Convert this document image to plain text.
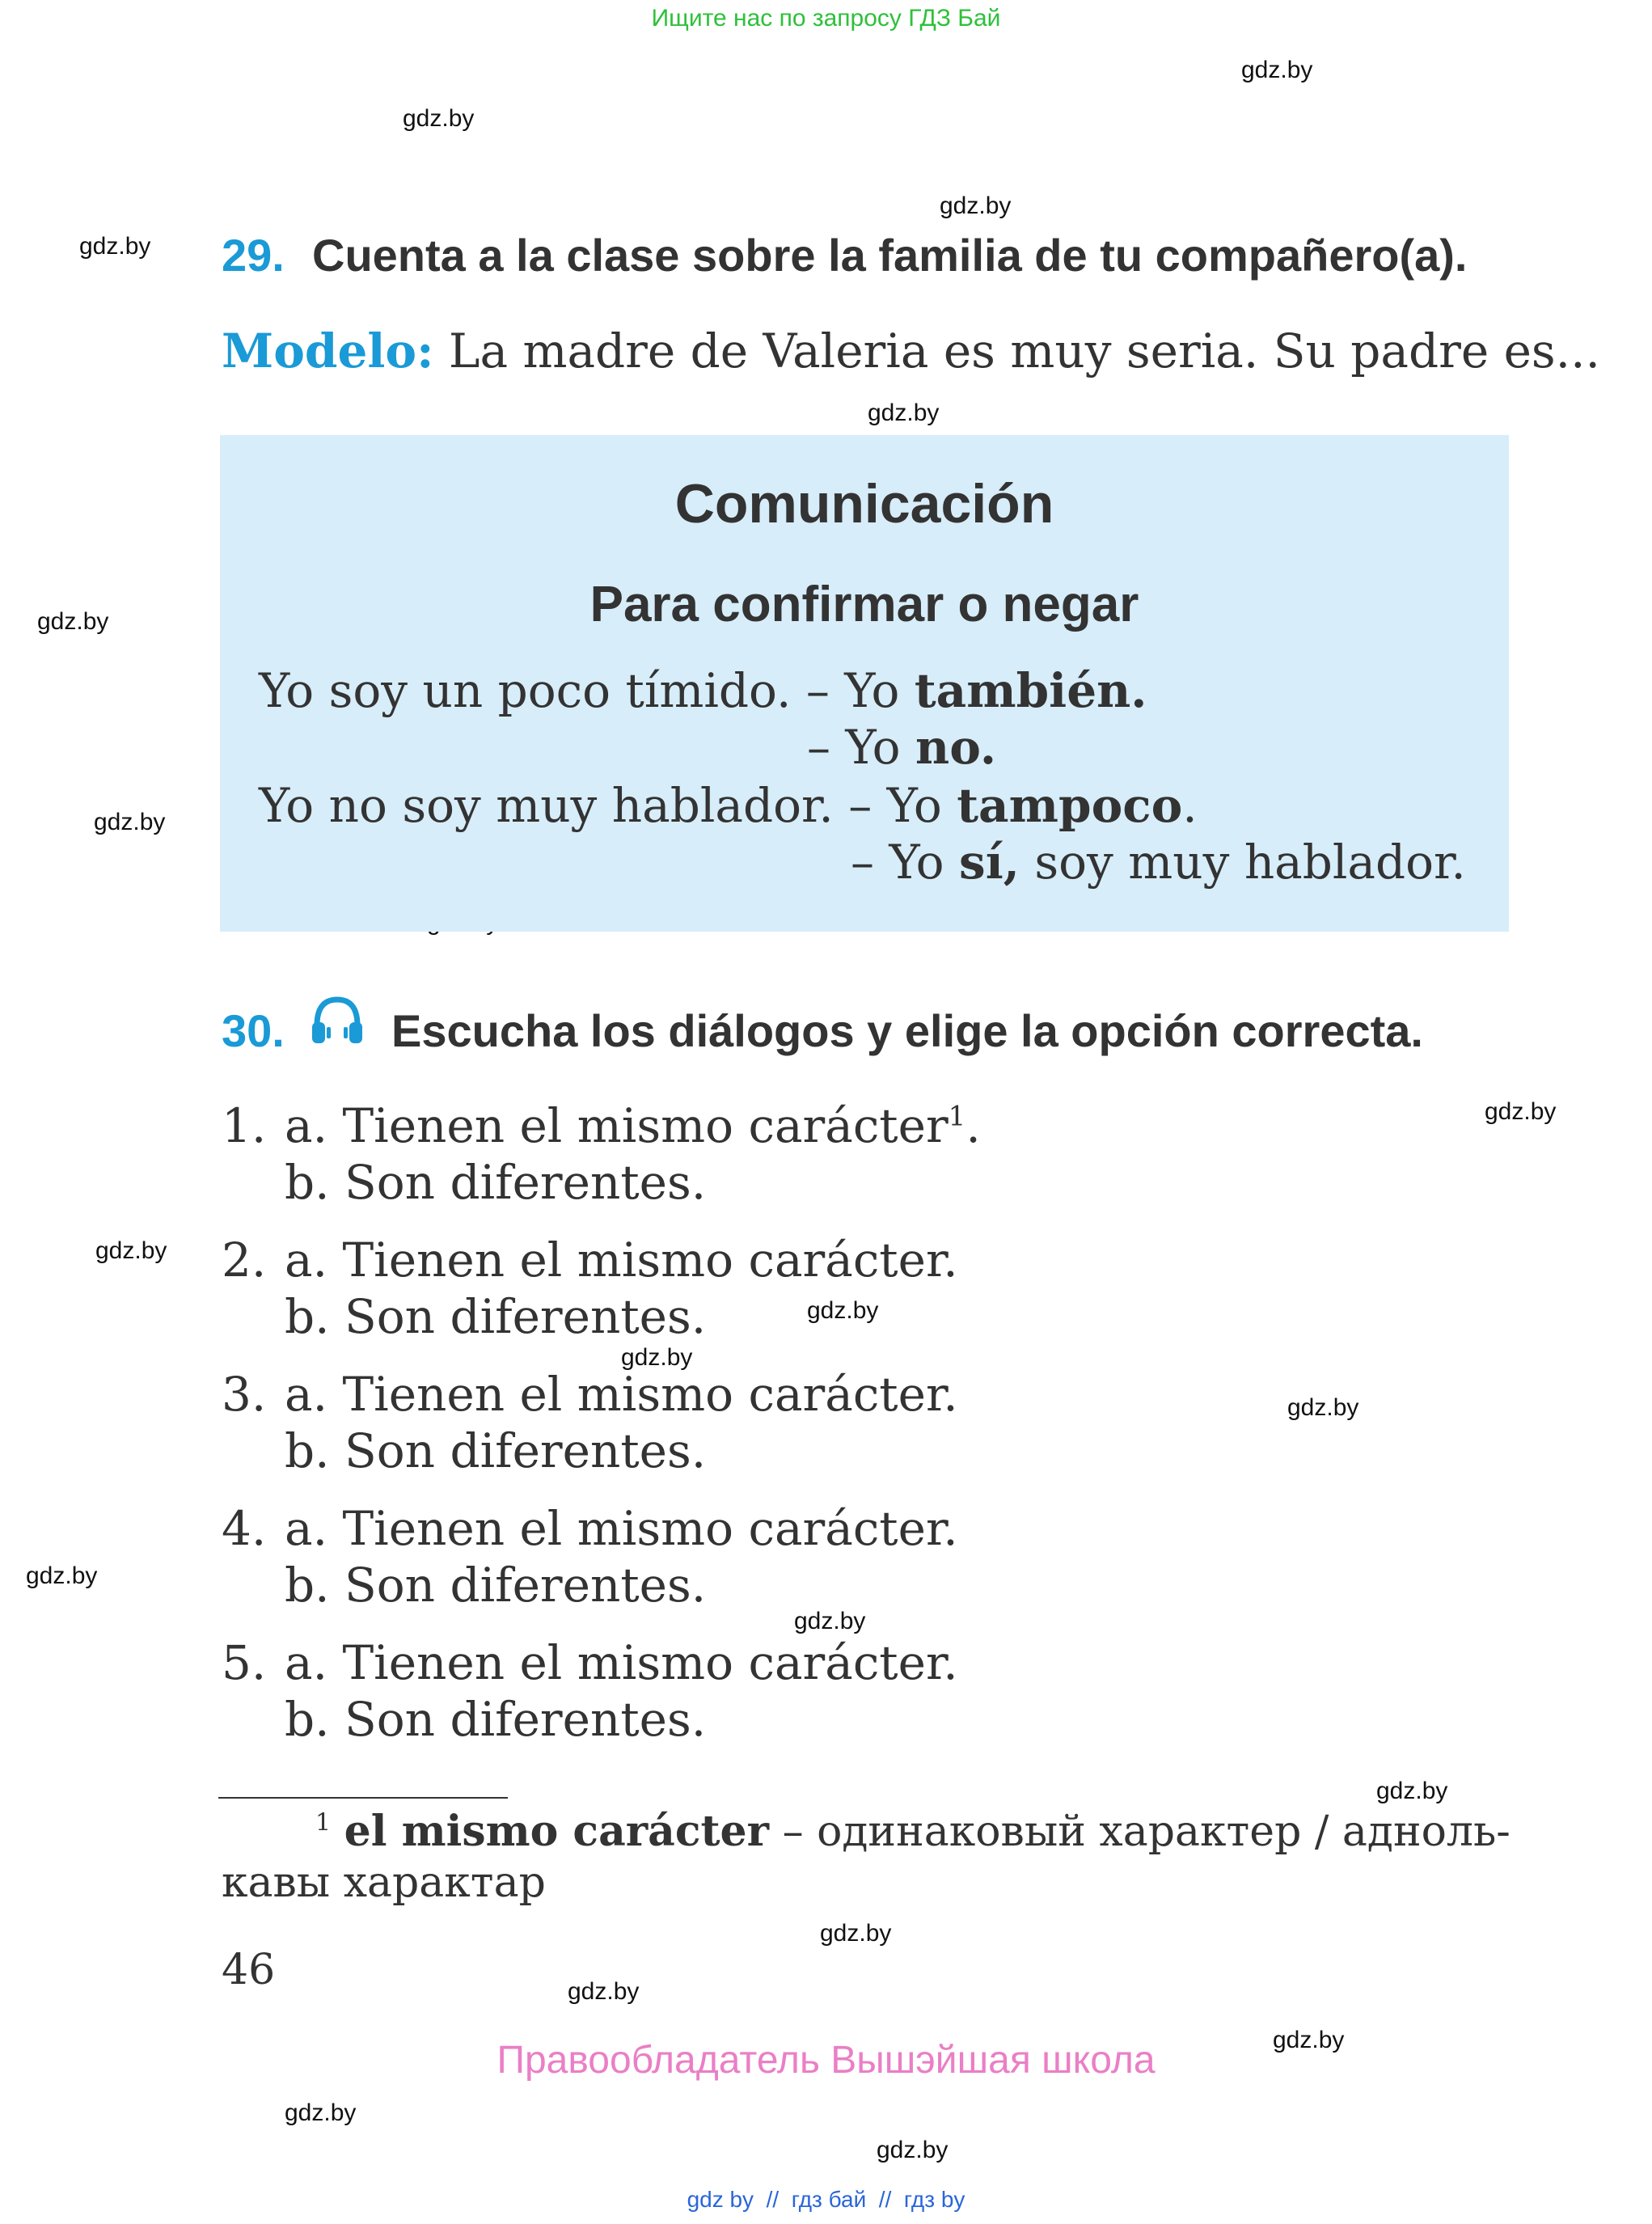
Ищите нас по запросу ГДЗ Бай
gdz.by
gdz.by
gdz.by
gdz.by
gdz.by
gdz.by
gdz.by
gdz.by
gdz.by
gdz.by
gdz.by
gdz.by
gdz.by
gdz.by
gdz.by
gdz.by
gdz.by
gdz.by
gdz.by
gdz.by
29. Cuenta a la clase sobre la familia de tu compañero(a).
Modelo: La madre de Valeria es muy seria. Su padre es...
Comunicación
Para confirmar o negar
Yo soy un poco tímido. – Yo también.
– Yo no.
Yo no soy muy hablador. – Yo tampoco.
– Yo sí, soy muy hablador.
30. Escucha los diálogos y elige la opción correcta.
1. a. Tienen el mismo carácter$^1$.
b. Son diferentes.
2. a. Tienen el mismo carácter.
b. Son diferentes.
3. a. Tienen el mismo carácter.
b. Son diferentes.
4. a. Tienen el mismo carácter.
b. Son diferentes.
5. a. Tienen el mismo carácter.
b. Son diferentes.
$^1$ el mismo carácter – одинаковый характер / аднoль-
кавы характар
46
Правообладатель Вышэйшая школа
gdz by  //  гдз бай  //  гдз by
